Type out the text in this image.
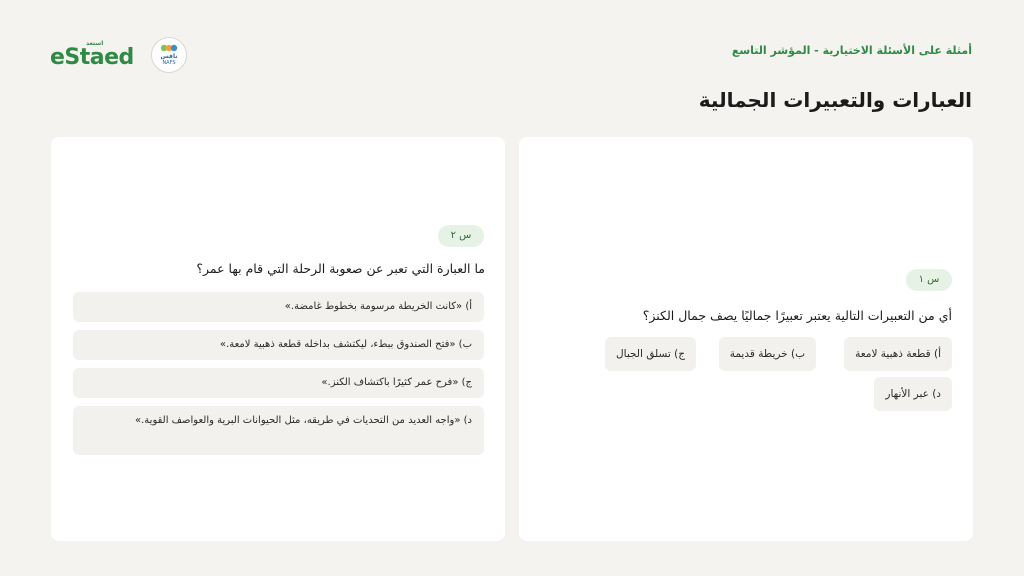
أمثلة على الأسئلة الاختيارية - المؤشر التاسع
العبارات والتعبيرات الجمالية
استعد
eStaed	نافس
NAFS
س ٢
ما العبارة التي تعبر عن صعوبة الرحلة التي قام بها عمر؟
أ) «كانت الخريطة مرسومة بخطوط غامضة.»
ب) «فتح الصندوق ببطء، ليكتشف بداخله قطعة ذهبية لامعة.»
ج) «فرح عمر كثيرًا باكتشاف الكنز.»
د) «واجه العديد من التحديات في طريقه، مثل الحيوانات البرية والعواصف القوية.»
س ١
أي من التعبيرات التالية يعتبر تعبيرًا جماليًا يصف جمال الكنز؟
أ) قطعة ذهبية لامعة
ب) خريطة قديمة
ج) تسلق الجبال
د) عبر الأنهار
